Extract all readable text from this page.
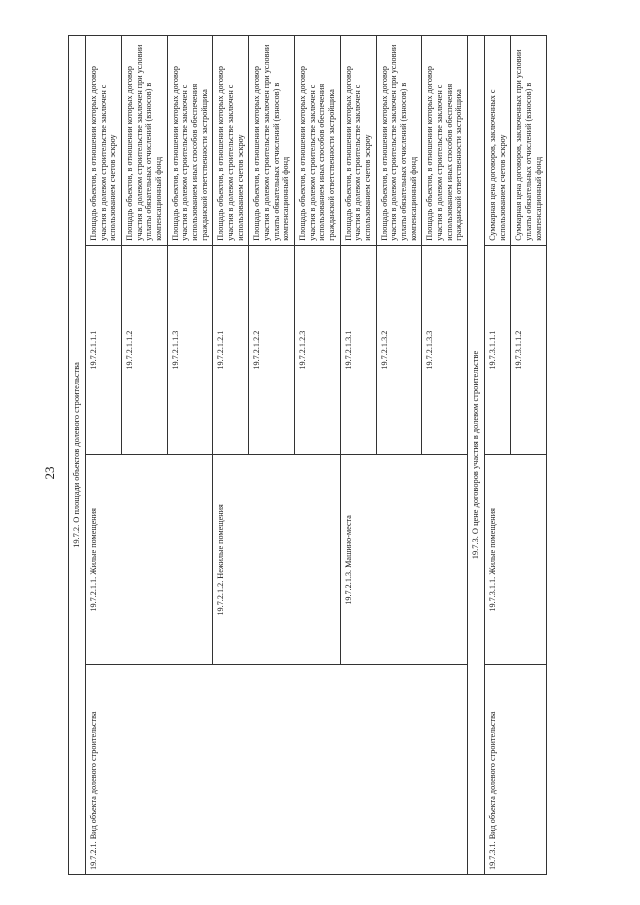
23	19.7.2. О площади объектов долевого строительства			
19.7.2.1. Вид объекта долевого строительства	19.7.2.1.1. Жилые помещения	19.7.2.1.1.1	Площадь объектов, в отношении которых договор участия в долевом строительстве заключен с использованием счетов эскроу
		19.7.2.1.1.2	Площадь объектов, в отношении которых договор участия в долевом строительстве заключен при условии уплаты обязательных отчислений (взносов) в компенсационный фонд
		19.7.2.1.1.3	Площадь объектов, в отношении которых договор участия в долевом строительстве заключен с использованием иных способов обеспечения гражданской ответственности застройщика
	19.7.2.1.2. Нежилые помещения	19.7.2.1.2.1	Площадь объектов, в отношении которых договор участия в долевом строительстве заключен с использованием счетов эскроу
		19.7.2.1.2.2	Площадь объектов, в отношении которых договор участия в долевом строительстве заключен при условии уплаты обязательных отчислений (взносов) в компенсационный фонд
		19.7.2.1.2.3	Площадь объектов, в отношении которых договор участия в долевом строительстве заключен с использованием иных способов обеспечения гражданской ответственности застройщика
	19.7.2.1.3. Машино-места	19.7.2.1.3.1	Площадь объектов, в отношении которых договор участия в долевом строительстве заключен с использованием счетов эскроу
		19.7.2.1.3.2	Площадь объектов, в отношении которых договор участия в долевом строительстве заключен при условии уплаты обязательных отчислений (взносов) в компенсационный фонд
		19.7.2.1.3.3	Площадь объектов, в отношении которых договор участия в долевом строительстве заключен с использованием иных способов обеспечения гражданской ответственности застройщика
19.7.3. О цене договоров участия в долевом строительстве			
19.7.3.1. Вид объекта долевого строительства	19.7.3.1.1. Жилые помещения	19.7.3.1.1.1	Суммарная цена договоров, заключенных с использованием счетов эскроу
		19.7.3.1.1.2	Суммарная цена договоров, заключенных при условии уплаты обязательных отчислений (взносов) в компенсационный фонд
